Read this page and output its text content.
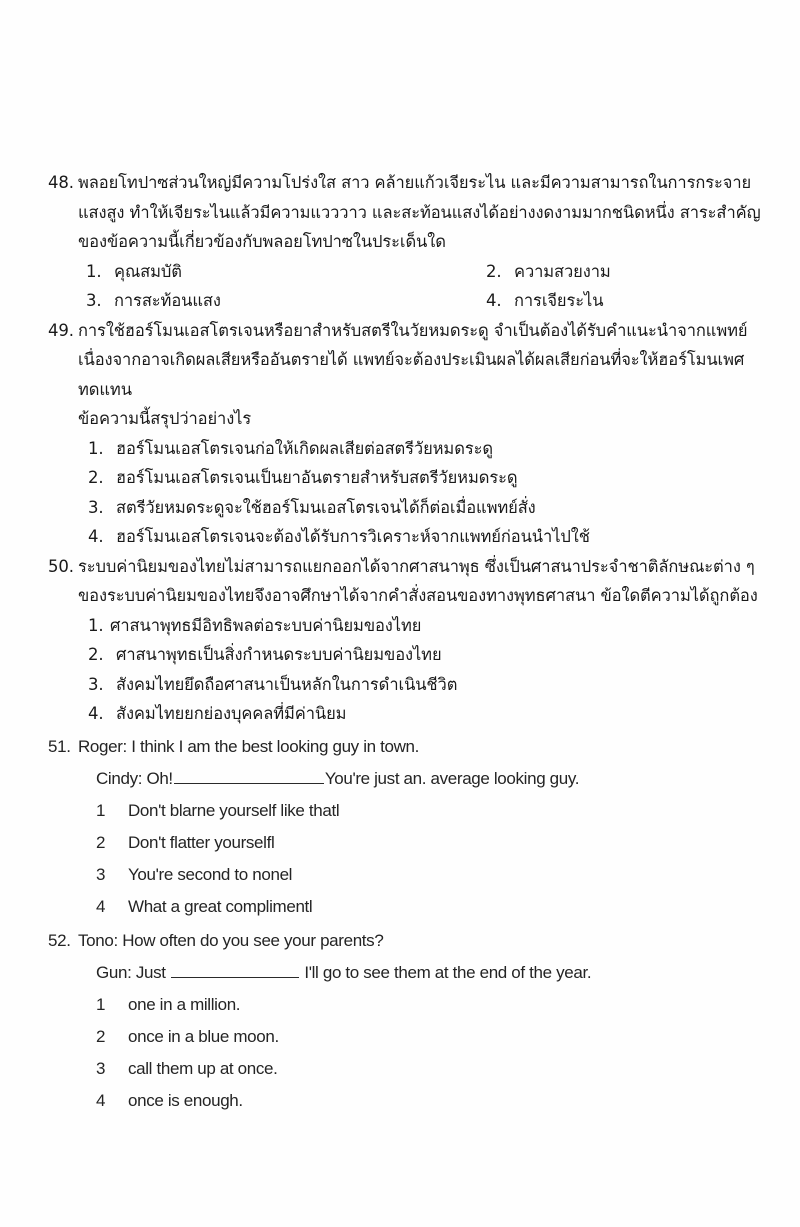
48. พลอยโทปาซส่วนใหญ่มีความโปร่งใส สาว คล้ายแก้วเจียระไน และมีความสามารถในการกระจาย

แสงสูง ทำให้เจียระไนแล้วมีความแวววาว และสะท้อนแสงได้อย่างงดงามมากชนิดหนึ่ง สาระสำคัญ

ของข้อความนี้เกี่ยวข้องกับพลอยโทปาซในประเด็นใด

1. คุณสมบัติ	2. ความสวยงาม
3. การสะท้อนแสง	4. การเจียระไน
49. การใช้ฮอร์โมนเอสโตรเจนหรือยาสำหรับสตรีในวัยหมดระดู จำเป็นต้องได้รับคำแนะนำจากแพทย์

เนื่องจากอาจเกิดผลเสียหรืออันตรายได้ แพทย์จะต้องประเมินผลได้ผลเสียก่อนที่จะให้ฮอร์โมนเพศ

ทดแทน

ข้อความนี้สรุปว่าอย่างไร

1. ฮอร์โมนเอสโตรเจนก่อให้เกิดผลเสียต่อสตรีวัยหมดระดู
2. ฮอร์โมนเอสโตรเจนเป็นยาอันตรายสำหรับสตรีวัยหมดระดู
3. สตรีวัยหมดระดูจะใช้ฮอร์โมนเอสโตรเจนได้ก็ต่อเมื่อแพทย์สั่ง
4. ฮอร์โมนเอสโตรเจนจะต้องได้รับการวิเคราะห์จากแพทย์ก่อนนำไปใช้
50. ระบบค่านิยมของไทยไม่สามารถแยกออกได้จากศาสนาพุธ ซึ่งเป็นศาสนาประจำชาติลักษณะต่าง ๆ

ของระบบค่านิยมของไทยจึงอาจศึกษาได้จากคำสั่งสอนของทางพุทธศาสนา ข้อใดตีความได้ถูกต้อง

1. ศาสนาพุทธมีอิทธิพลต่อระบบค่านิยมของไทย
2. ศาสนาพุทธเป็นสิ่งกำหนดระบบค่านิยมของไทย
3. สังคมไทยยึดถือศาสนาเป็นหลักในการดำเนินชีวิต
4. สังคมไทยยกย่องบุคคลที่มีค่านิยม
51. Roger: I think I am the best looking guy in town.

Cindy: Oh!	You're just an. average looking guy.

1 Don't blarne yourself like thatl
2 Don't flatter yourselfl
3 You're second to nonel
4 What a great complimentl
52. Tono: How often do you see your parents?

Gun: Just	I'll go to see them at the end of the year.

1 one in a million.
2 once in a blue moon.
3 call them up at once.
4 once is enough.
